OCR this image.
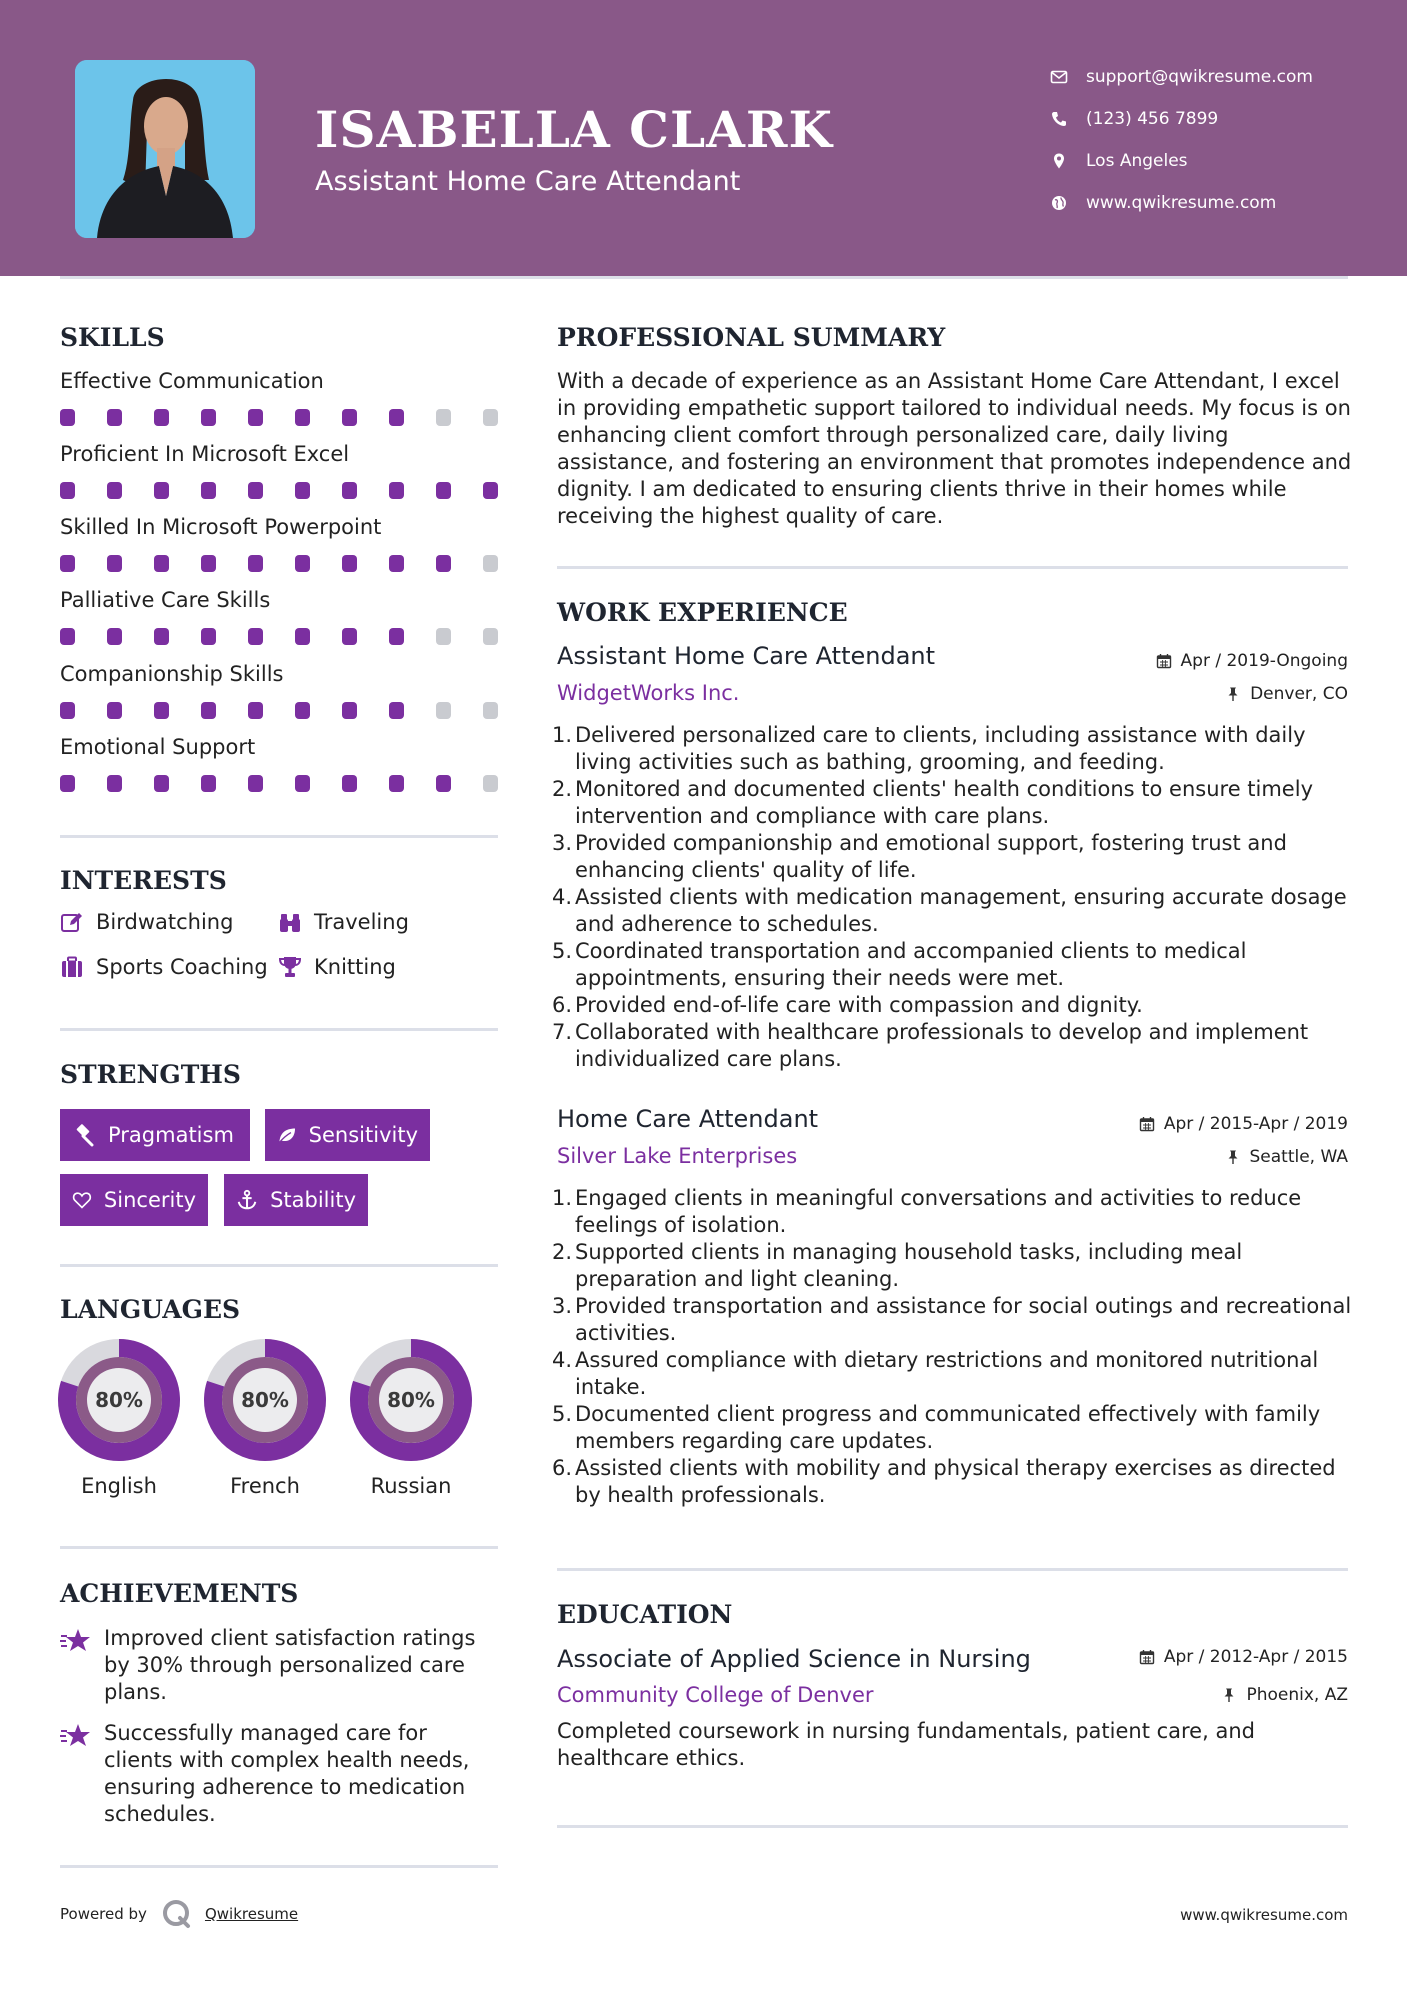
ISABELLA CLARK
Assistant Home Care Attendant
support@qwikresume.com
(123) 456 7899
Los Angeles
www.qwikresume.com
SKILLS
Effective Communication
Proficient In Microsoft Excel
Skilled In Microsoft Powerpoint
Palliative Care Skills
Companionship Skills
Emotional Support
INTERESTS
Birdwatching	Traveling
Sports Coaching Knitting
STRENGTHS
Pragmatism	Sensitivity
Sincerity	Stability
LANGUAGES
80%
English
80%
French
80%
Russian
ACHIEVEMENTS
Improved client satisfaction ratings by 30% through personalized care plans.
Successfully managed care for clients with complex health needs, ensuring adherence to medication schedules.
PROFESSIONAL SUMMARY
With a decade of experience as an Assistant Home Care Attendant, I excel in providing empathetic support tailored to individual needs. My focus is on enhancing client comfort through personalized care, daily living assistance, and fostering an environment that promotes independence and dignity. I am dedicated to ensuring clients thrive in their homes while receiving the highest quality of care.
WORK EXPERIENCE
Assistant Home Care Attendant	Apr / 2019-Ongoing
WidgetWorks Inc.	Denver, CO
1. Delivered personalized care to clients, including assistance with daily living activities such as bathing, grooming, and feeding.
2. Monitored and documented clients' health conditions to ensure timely intervention and compliance with care plans.
3. Provided companionship and emotional support, fostering trust and enhancing clients' quality of life.
4. Assisted clients with medication management, ensuring accurate dosage and adherence to schedules.
5. Coordinated transportation and accompanied clients to medical appointments, ensuring their needs were met.
6. Provided end-of-life care with compassion and dignity.
7. Collaborated with healthcare professionals to develop and implement individualized care plans.
Home Care Attendant	Apr / 2015-Apr / 2019
Silver Lake Enterprises	Seattle, WA
1. Engaged clients in meaningful conversations and activities to reduce feelings of isolation.
2. Supported clients in managing household tasks, including meal preparation and light cleaning.
3. Provided transportation and assistance for social outings and recreational activities.
4. Assured compliance with dietary restrictions and monitored nutritional intake.
5. Documented client progress and communicated effectively with family members regarding care updates.
6. Assisted clients with mobility and physical therapy exercises as directed by health professionals.
EDUCATION
Associate of Applied Science in Nursing	Apr / 2012-Apr / 2015
Community College of Denver	Phoenix, AZ
Completed coursework in nursing fundamentals, patient care, and healthcare ethics.
Powered by	Qwikresume	www.qwikresume.com
